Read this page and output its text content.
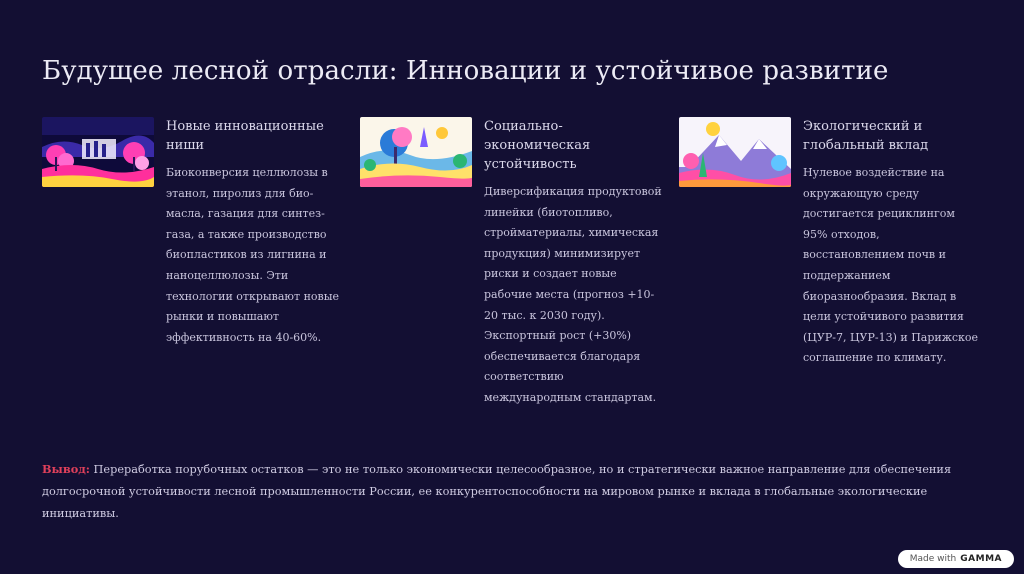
Будущее лесной отрасли: Инновации и устойчивое развитие
Новые инновационные ниши

Биоконверсия целлюлозы в этанол, пиролиз для био-масла, газация для синтез-газа, а также производство биопластиков из лигнина и наноцеллюлозы. Эти технологии открывают новые рынки и повышают эффективность на 40-60%.

Социально-экономическая устойчивость

Диверсификация продуктовой линейки (биотопливо, стройматериалы, химическая продукция) минимизирует риски и создает новые рабочие места (прогноз +10-20 тыс. к 2030 году). Экспортный рост (+30%) обеспечивается благодаря соответствию международным стандартам.

Экологический и глобальный вклад

Нулевое воздействие на окружающую среду достигается рециклингом 95% отходов, восстановлением почв и поддержанием биоразнообразия. Вклад в цели устойчивого развития (ЦУР-7, ЦУР-13) и Парижское соглашение по климату.

Вывод: Переработка порубочных остатков — это не только экономически целесообразное, но и стратегически важное направление для обеспечения долгосрочной устойчивости лесной промышленности России, ее конкурентоспособности на мировом рынке и вклада в глобальные экологические инициативы.
Made with GAMMA
